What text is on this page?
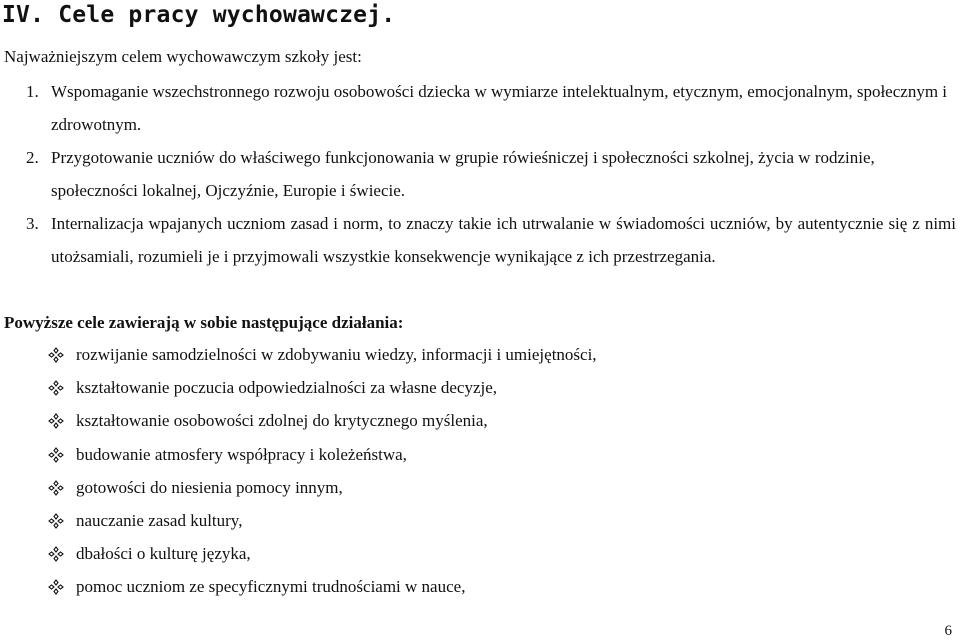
IV. Cele pracy wychowawczej.
Najważniejszym celem wychowawczym szkoły jest:

1. Wspomaganie wszechstronnego rozwoju osobowości dziecka w wymiarze intelektualnym, etycznym, emocjonalnym, społecznym i zdrowotnym.

2. Przygotowanie uczniów do właściwego funkcjonowania w grupie rówieśniczej i społeczności szkolnej, życia w rodzinie, społeczności lokalnej, Ojczyźnie, Europie i świecie.

3. Internalizacja wpajanych uczniom zasad i norm, to znaczy takie ich utrwalanie w świadomości uczniów, by autentycznie się z nimi utożsamiali, rozumieli je i przyjmowali wszystkie konsekwencje wynikające z ich przestrzegania.

Powyższe cele zawierają w sobie następujące działania:
rozwijanie samodzielności w zdobywaniu wiedzy, informacji i umiejętności,
kształtowanie poczucia odpowiedzialności za własne decyzje,
kształtowanie osobowości zdolnej do krytycznego myślenia,
budowanie atmosfery współpracy i koleżeństwa,
gotowości do niesienia pomocy innym,
nauczanie zasad kultury,
dbałości o kulturę języka,
pomoc uczniom ze specyficznymi trudnościami w nauce,
6
